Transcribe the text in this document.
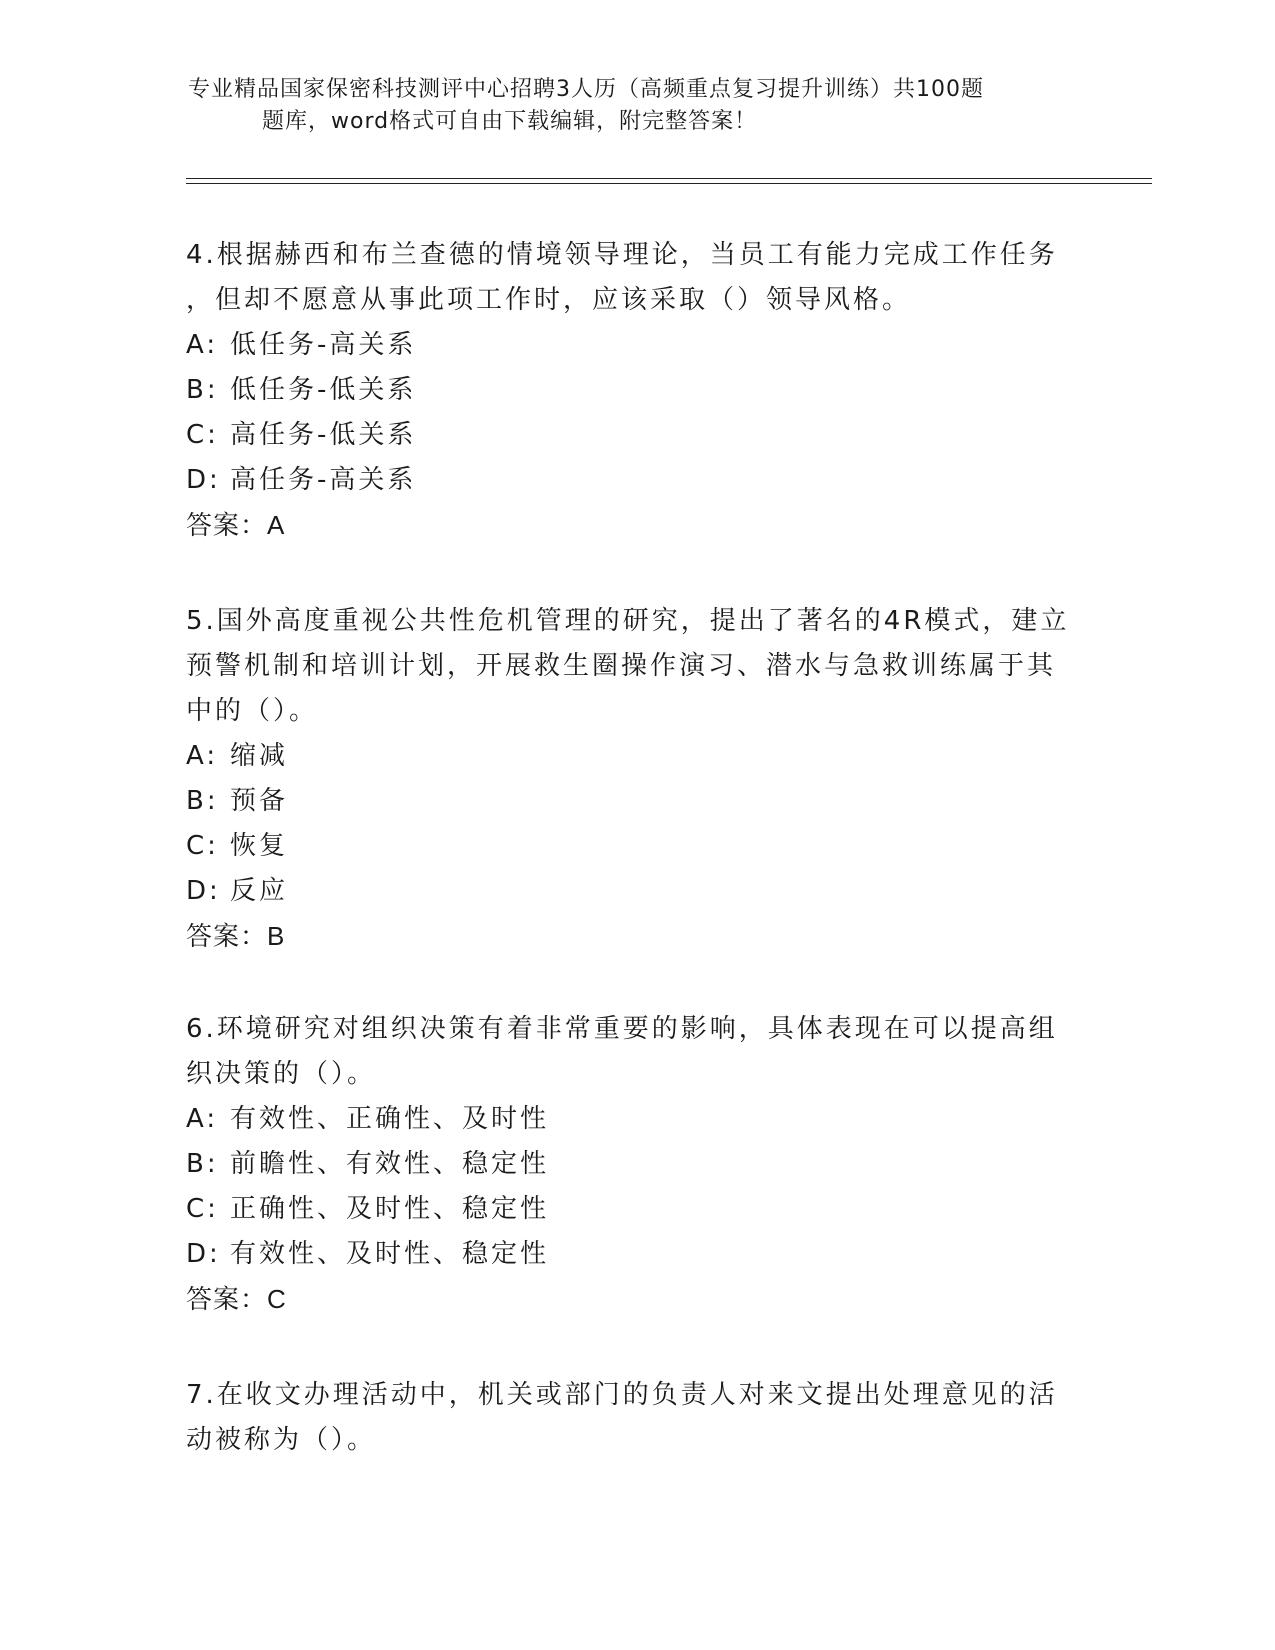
专业精品国家保密科技测评中心招聘3人历（高频重点复习提升训练）共100题
题库，word格式可自由下载编辑，附完整答案！
4.根据赫西和布兰查德的情境领导理论，当员工有能力完成工作任务
，但却不愿意从事此项工作时，应该采取（）领导风格。
A: 低任务-高关系
B: 低任务-低关系
C: 高任务-低关系
D: 高任务-高关系
答案：A
5.国外高度重视公共性危机管理的研究，提出了著名的4R模式，建立
预警机制和培训计划，开展救生圈操作演习、潜水与急救训练属于其
中的（）。
A: 缩减
B: 预备
C: 恢复
D: 反应
答案：B
6.环境研究对组织决策有着非常重要的影响，具体表现在可以提高组
织决策的（）。
A: 有效性、正确性、及时性
B: 前瞻性、有效性、稳定性
C: 正确性、及时性、稳定性
D: 有效性、及时性、稳定性
答案：C
7.在收文办理活动中，机关或部门的负责人对来文提出处理意见的活
动被称为（）。
